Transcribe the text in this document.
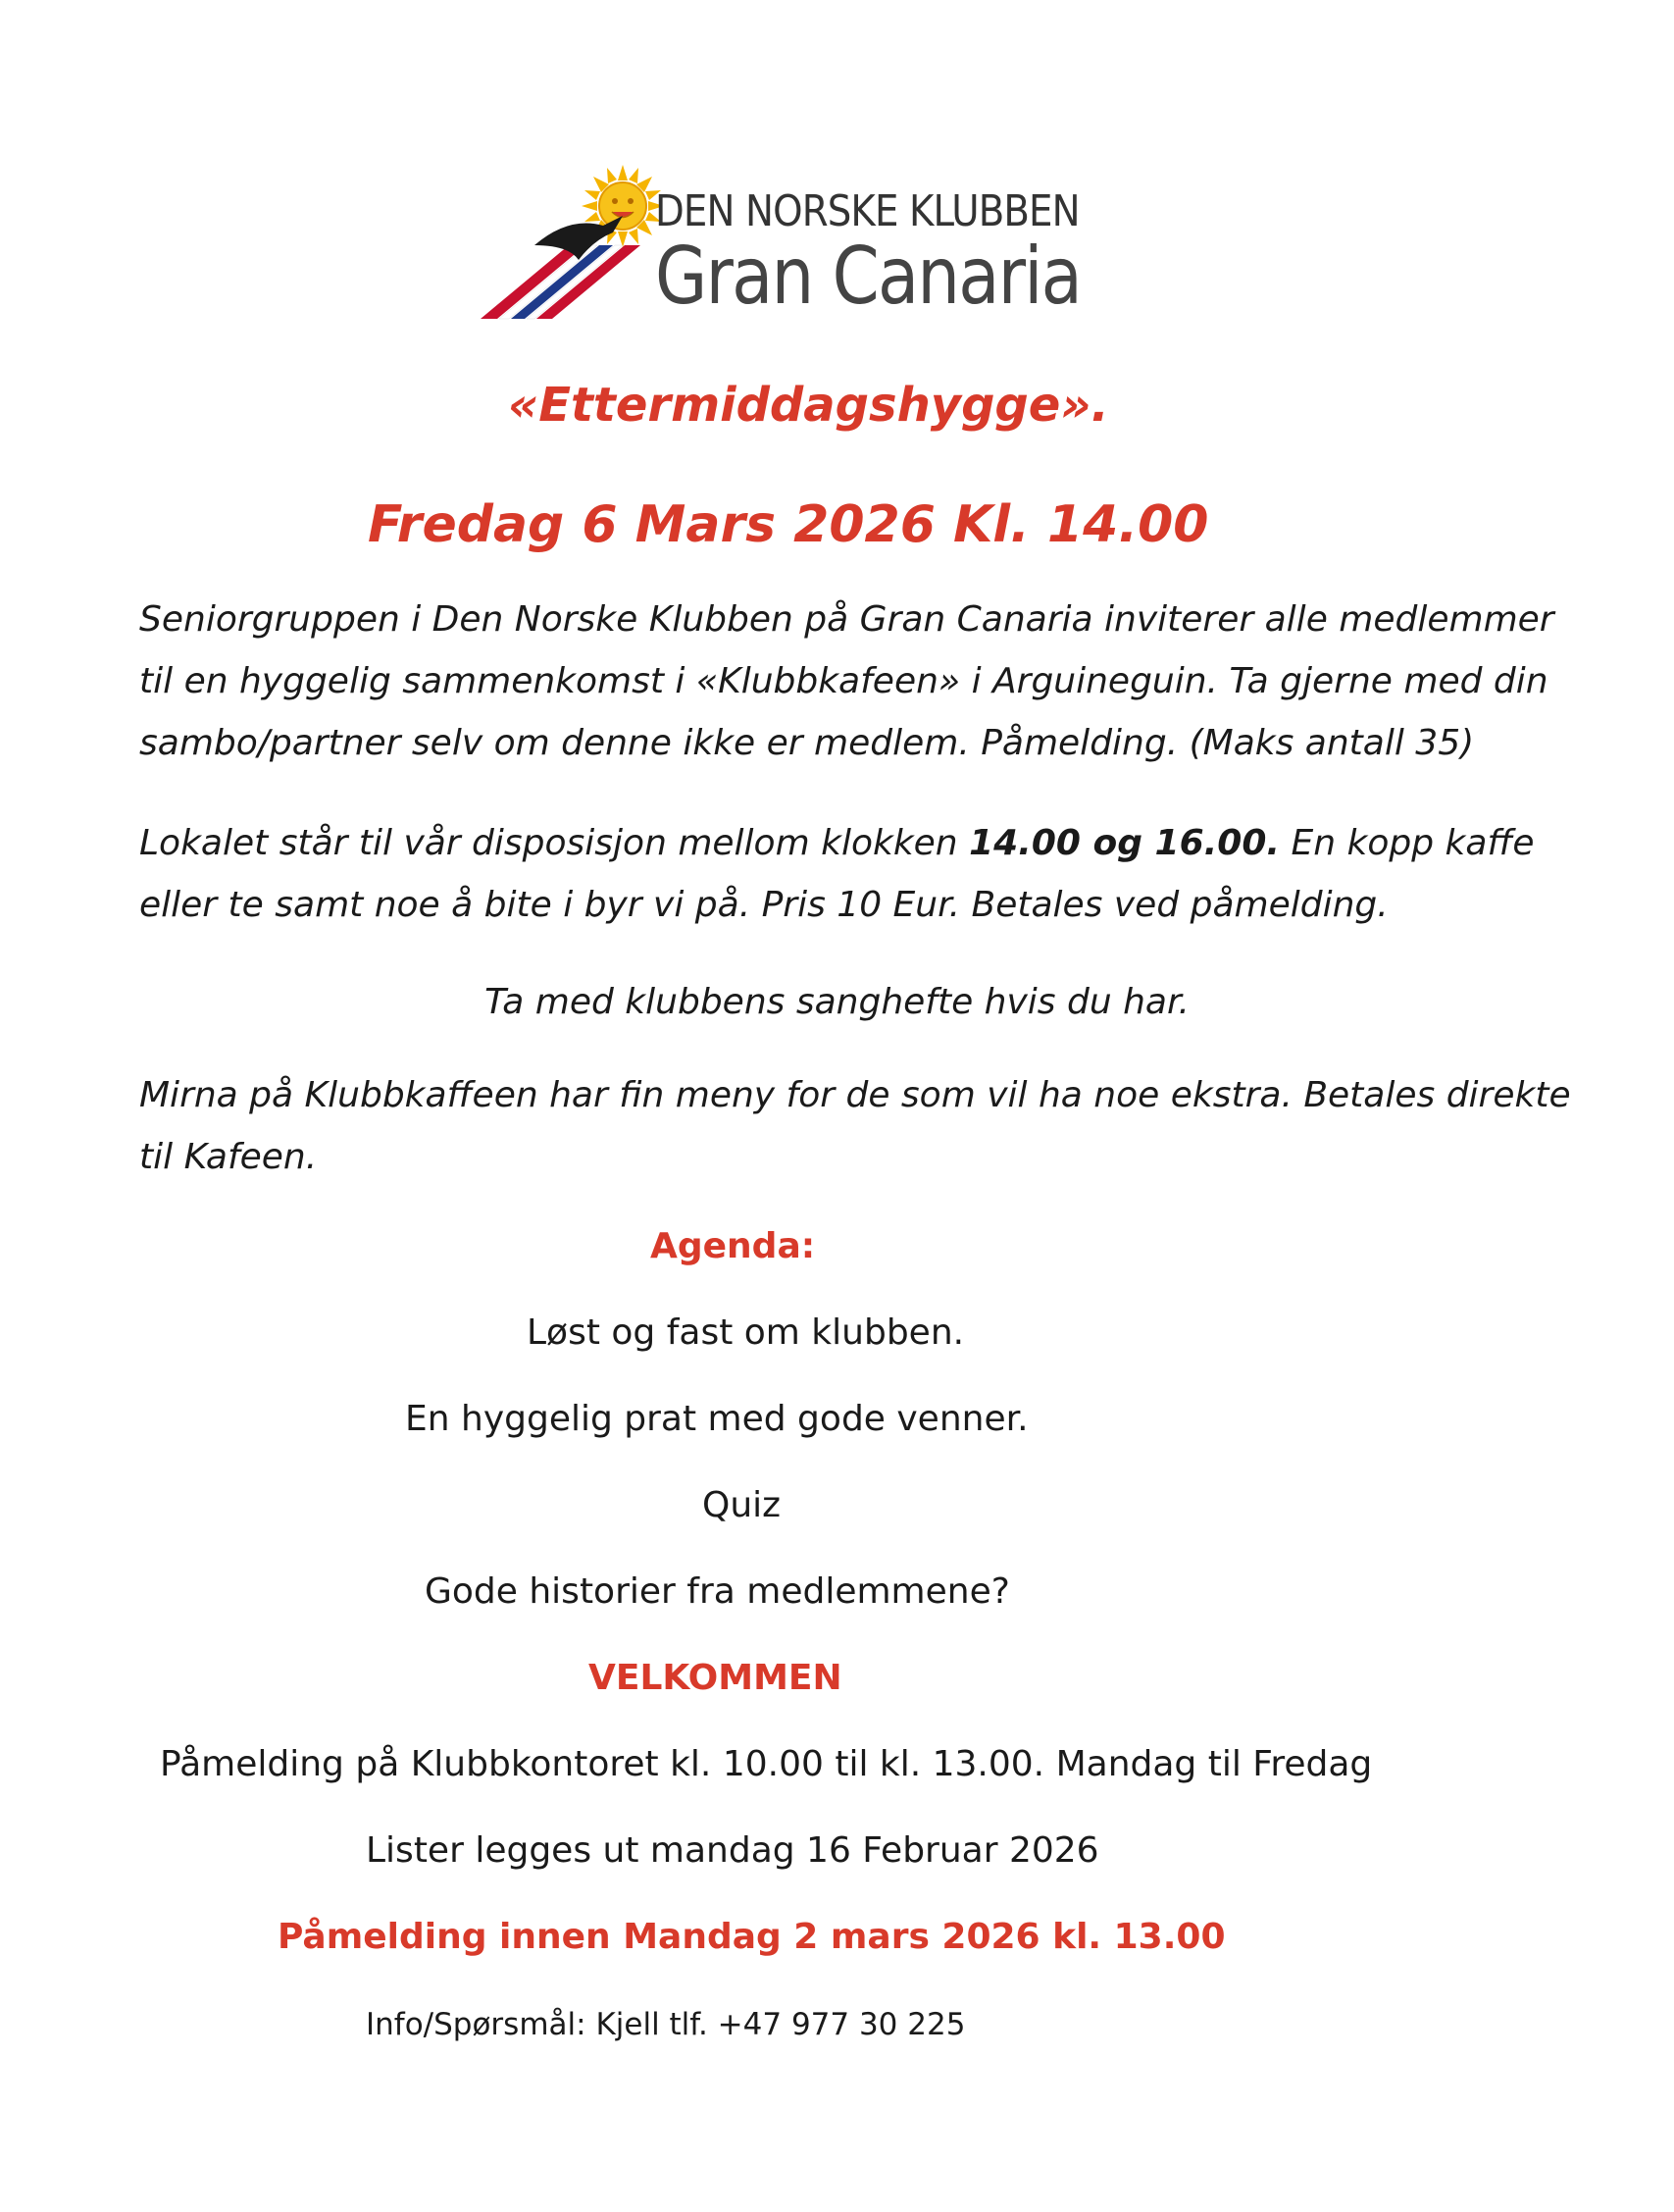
DEN NORSKE KLUBBEN
Gran Canaria
«Ettermiddagshygge».
Fredag 6 Mars 2026 Kl. 14.00
Seniorgruppen i Den Norske Klubben på Gran Canaria inviterer alle medlemmer til en hyggelig sammenkomst i «Klubbkafeen» i Arguineguin. Ta gjerne med din sambo/partner selv om denne ikke er medlem. Påmelding. (Maks antall 35)
Lokalet står til vår disposisjon mellom klokken 14.00 og 16.00. En kopp kaffe eller te samt noe å bite i byr vi på. Pris 10 Eur. Betales ved påmelding.
Ta med klubbens sanghefte hvis du har.
Mirna på Klubbkaffeen har fin meny for de som vil ha noe ekstra. Betales direkte til Kafeen.
Agenda:
Løst og fast om klubben.
En hyggelig prat med gode venner.
Quiz
Gode historier fra medlemmene?
VELKOMMEN
Påmelding på Klubbkontoret kl. 10.00 til kl. 13.00. Mandag til Fredag
Lister legges ut mandag 16 Februar 2026
Påmelding innen Mandag 2 mars 2026 kl. 13.00
Info/Spørsmål: Kjell tlf. +47 977 30 225
